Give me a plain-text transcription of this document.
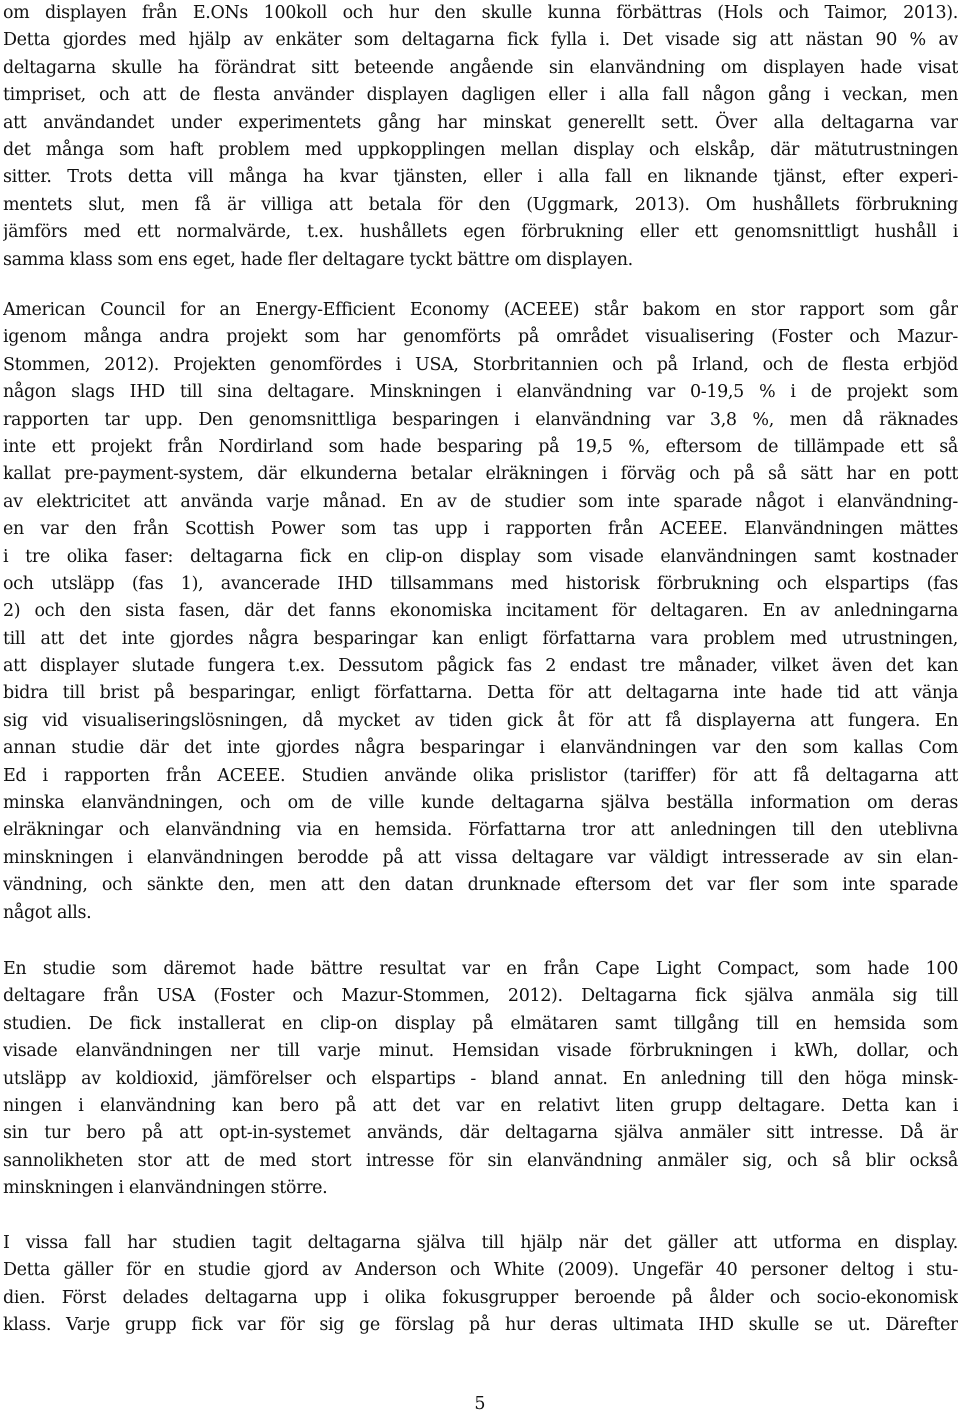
om displayen från E.ONs 100koll och hur den skulle kunna förbättras (Hols och Taimor, 2013).
Detta gjordes med hjälp av enkäter som deltagarna fick fylla i. Det visade sig att nästan 90 % av
deltagarna skulle ha förändrat sitt beteende angående sin elanvändning om displayen hade visat
timpriset, och att de flesta använder displayen dagligen eller i alla fall någon gång i veckan, men
att användandet under experimentets gång har minskat generellt sett. Över alla deltagarna var
det många som haft problem med uppkopplingen mellan display och elskåp, där mätutrustningen
sitter. Trots detta vill många ha kvar tjänsten, eller i alla fall en liknande tjänst, efter experi-
mentets slut, men få är villiga att betala för den (Uggmark, 2013). Om hushållets förbrukning
jämförs med ett normalvärde, t.ex. hushållets egen förbrukning eller ett genomsnittligt hushåll i
samma klass som ens eget, hade fler deltagare tyckt bättre om displayen.
American Council for an Energy-Efficient Economy (ACEEE) står bakom en stor rapport som går
igenom många andra projekt som har genomförts på området visualisering (Foster och Mazur-
Stommen, 2012). Projekten genomfördes i USA, Storbritannien och på Irland, och de flesta erbjöd
någon slags IHD till sina deltagare. Minskningen i elanvändning var 0-19,5 % i de projekt som
rapporten tar upp. Den genomsnittliga besparingen i elanvändning var 3,8 %, men då räknades
inte ett projekt från Nordirland som hade besparing på 19,5 %, eftersom de tillämpade ett så
kallat pre-payment-system, där elkunderna betalar elräkningen i förväg och på så sätt har en pott
av elektricitet att använda varje månad. En av de studier som inte sparade något i elanvändning-
en var den från Scottish Power som tas upp i rapporten från ACEEE. Elanvändningen mättes
i tre olika faser: deltagarna fick en clip-on display som visade elanvändningen samt kostnader
och utsläpp (fas 1), avancerade IHD tillsammans med historisk förbrukning och elspartips (fas
2) och den sista fasen, där det fanns ekonomiska incitament för deltagaren. En av anledningarna
till att det inte gjordes några besparingar kan enligt författarna vara problem med utrustningen,
att displayer slutade fungera t.ex. Dessutom pågick fas 2 endast tre månader, vilket även det kan
bidra till brist på besparingar, enligt författarna. Detta för att deltagarna inte hade tid att vänja
sig vid visualiseringslösningen, då mycket av tiden gick åt för att få displayerna att fungera. En
annan studie där det inte gjordes några besparingar i elanvändningen var den som kallas Com
Ed i rapporten från ACEEE. Studien använde olika prislistor (tariffer) för att få deltagarna att
minska elanvändningen, och om de ville kunde deltagarna själva beställa information om deras
elräkningar och elanvändning via en hemsida. Författarna tror att anledningen till den uteblivna
minskningen i elanvändningen berodde på att vissa deltagare var väldigt intresserade av sin elan-
vändning, och sänkte den, men att den datan drunknade eftersom det var fler som inte sparade
något alls.
En studie som däremot hade bättre resultat var en från Cape Light Compact, som hade 100
deltagare från USA (Foster och Mazur-Stommen, 2012). Deltagarna fick själva anmäla sig till
studien. De fick installerat en clip-on display på elmätaren samt tillgång till en hemsida som
visade elanvändningen ner till varje minut. Hemsidan visade förbrukningen i kWh, dollar, och
utsläpp av koldioxid, jämförelser och elspartips - bland annat. En anledning till den höga minsk-
ningen i elanvändning kan bero på att det var en relativt liten grupp deltagare. Detta kan i
sin tur bero på att opt-in-systemet används, där deltagarna själva anmäler sitt intresse. Då är
sannolikheten stor att de med stort intresse för sin elanvändning anmäler sig, och så blir också
minskningen i elanvändningen större.
I vissa fall har studien tagit deltagarna själva till hjälp när det gäller att utforma en display.
Detta gäller för en studie gjord av Anderson och White (2009). Ungefär 40 personer deltog i stu-
dien. Först delades deltagarna upp i olika fokusgrupper beroende på ålder och socio-ekonomisk
klass. Varje grupp fick var för sig ge förslag på hur deras ultimata IHD skulle se ut. Därefter
5
